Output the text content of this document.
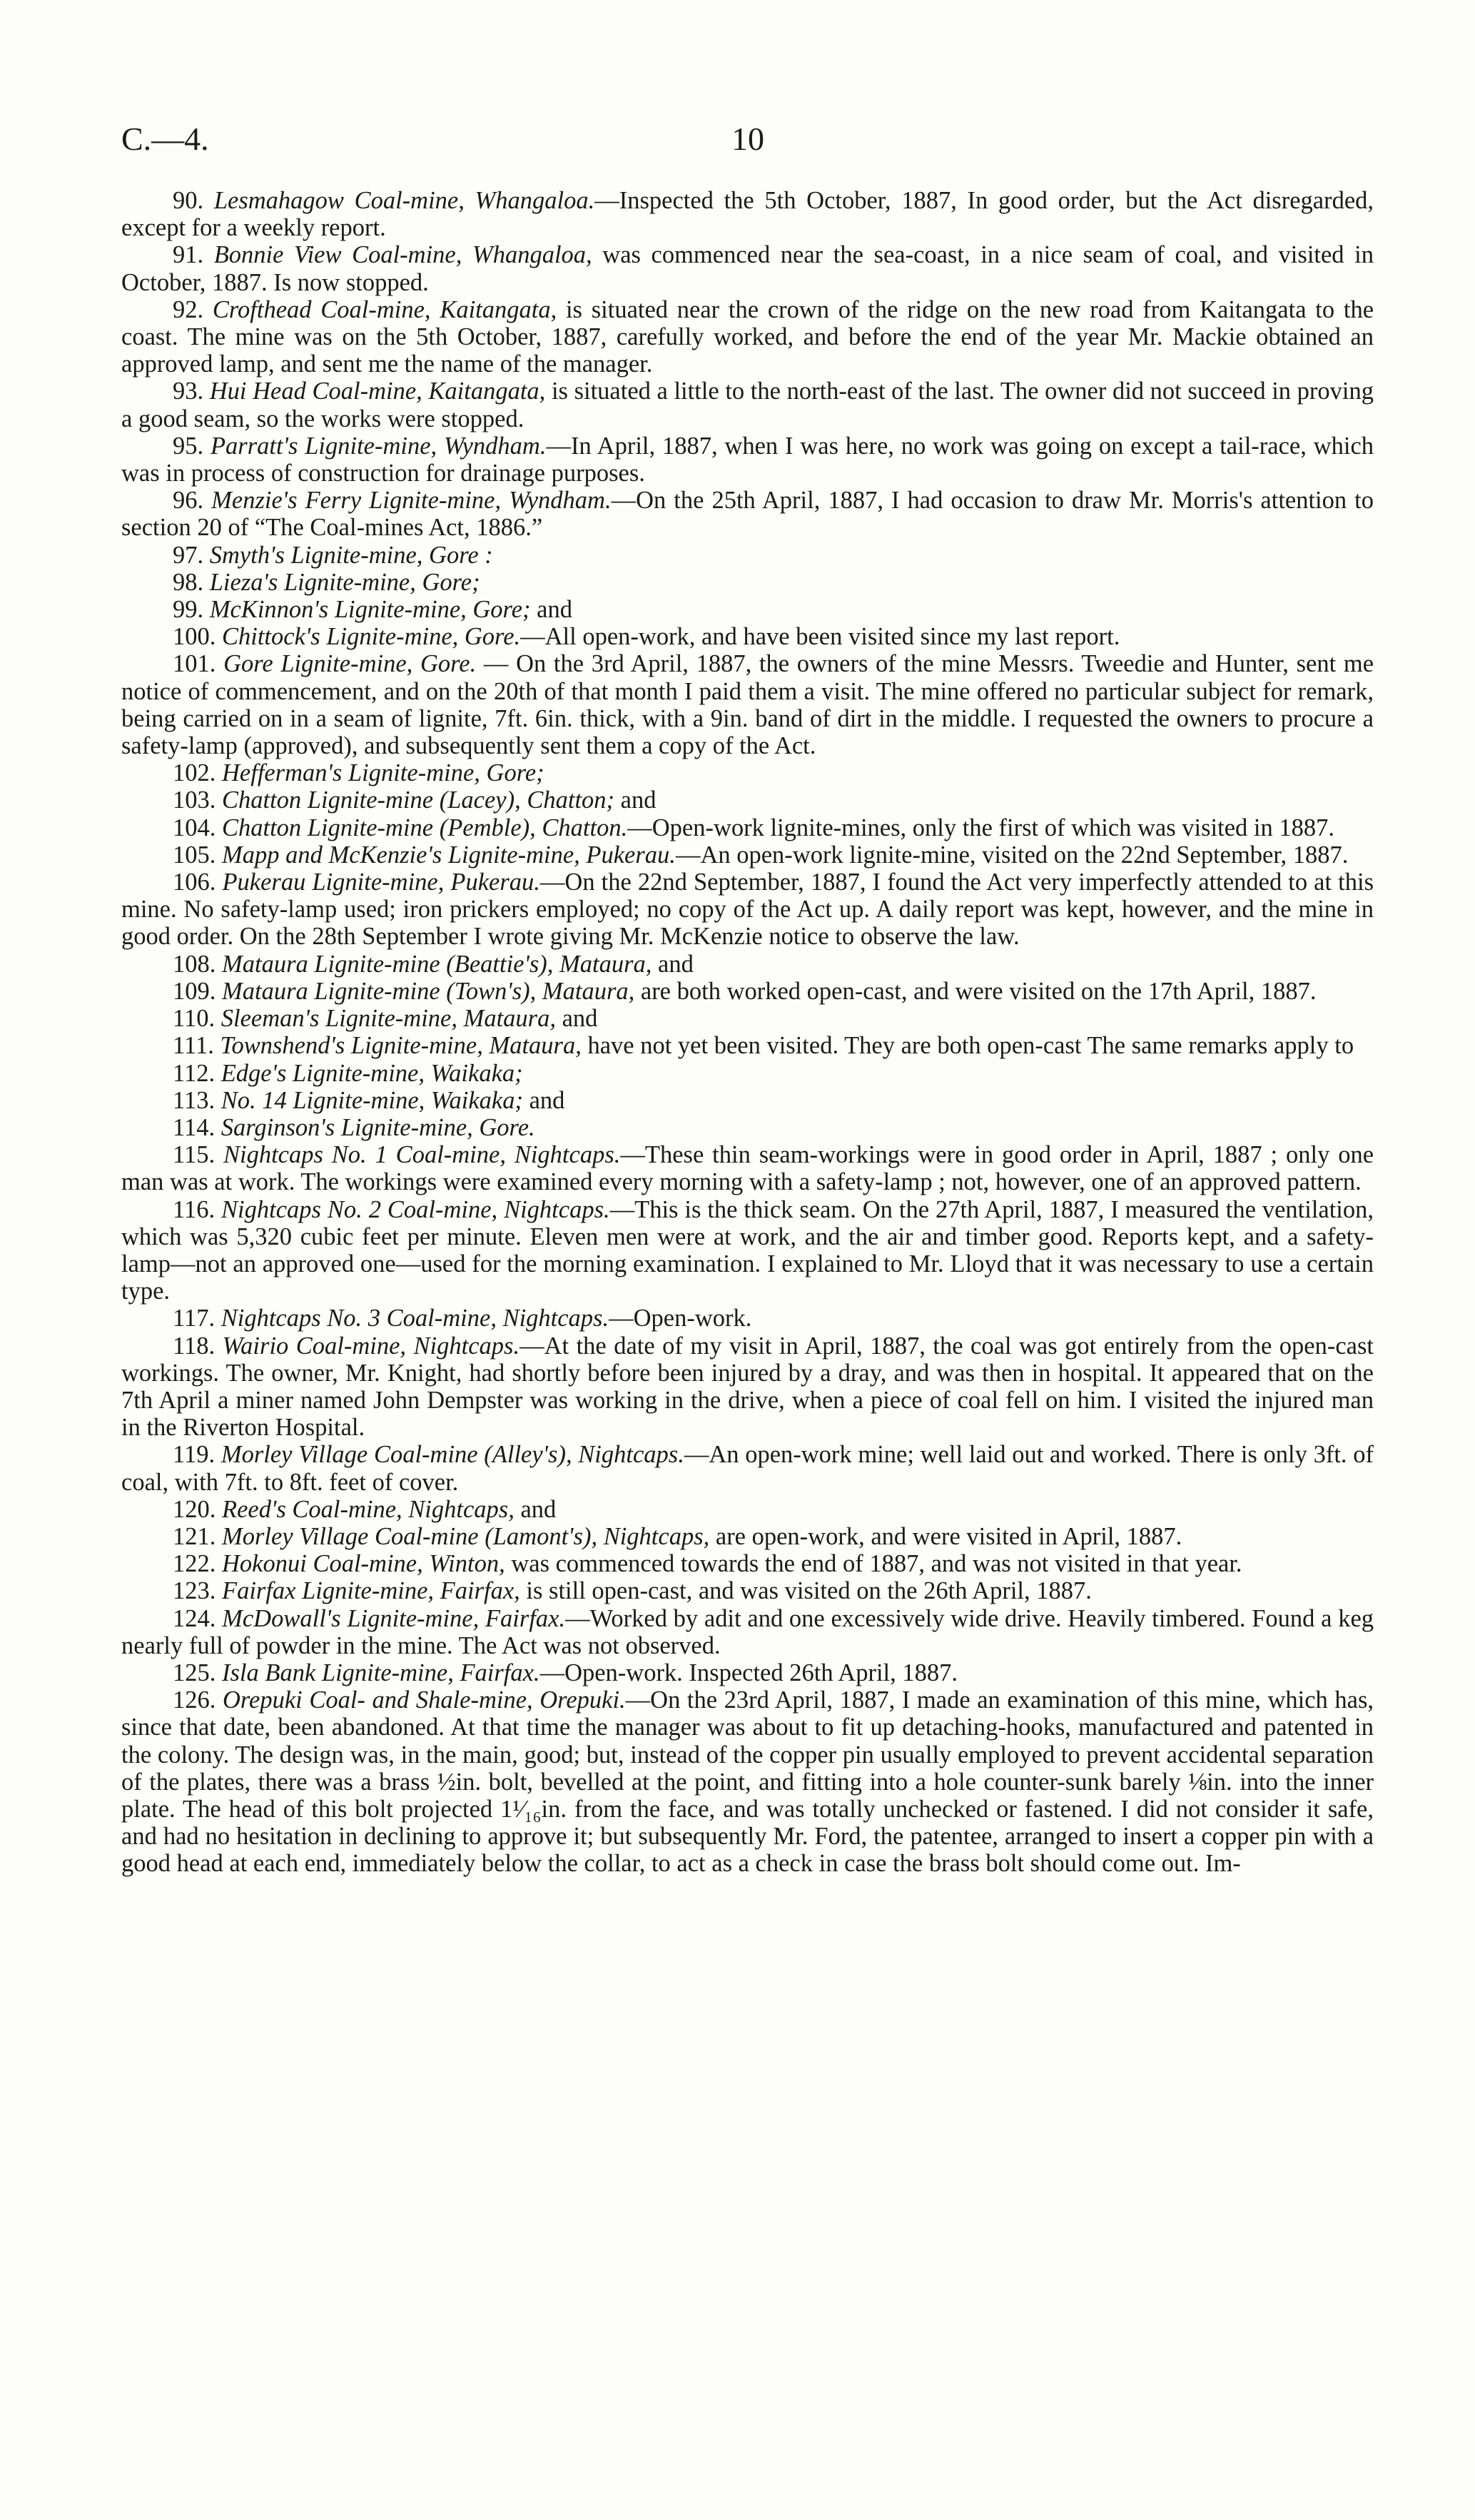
C.—4.	10

90. Lesmahagow Coal-mine, Whangaloa.—Inspected the 5th October, 1887, In good order, but the Act disregarded, except for a weekly report.

91. Bonnie View Coal-mine, Whangaloa, was commenced near the sea-coast, in a nice seam of coal, and visited in October, 1887. Is now stopped.

92. Crofthead Coal-mine, Kaitangata, is situated near the crown of the ridge on the new road from Kaitangata to the coast. The mine was on the 5th October, 1887, carefully worked, and before the end of the year Mr. Mackie obtained an approved lamp, and sent me the name of the manager.

93. Hui Head Coal-mine, Kaitangata, is situated a little to the north-east of the last. The owner did not succeed in proving a good seam, so the works were stopped.

95. Parratt's Lignite-mine, Wyndham.—In April, 1887, when I was here, no work was going on except a tail-race, which was in process of construction for drainage purposes.

96. Menzie's Ferry Lignite-mine, Wyndham.—On the 25th April, 1887, I had occasion to draw Mr. Morris's attention to section 20 of “The Coal-mines Act, 1886.”

97. Smyth's Lignite-mine, Gore :

98. Lieza's Lignite-mine, Gore;

99. McKinnon's Lignite-mine, Gore; and

100. Chittock's Lignite-mine, Gore.—All open-work, and have been visited since my last report.

101. Gore Lignite-mine, Gore. — On the 3rd April, 1887, the owners of the mine Messrs. Tweedie and Hunter, sent me notice of commencement, and on the 20th of that month I paid them a visit. The mine offered no particular subject for remark, being carried on in a seam of lignite, 7ft. 6in. thick, with a 9in. band of dirt in the middle. I requested the owners to procure a safety-lamp (approved), and subsequently sent them a copy of the Act.

102. Hefferman's Lignite-mine, Gore;

103. Chatton Lignite-mine (Lacey), Chatton; and

104. Chatton Lignite-mine (Pemble), Chatton.—Open-work lignite-mines, only the first of which was visited in 1887.

105. Mapp and McKenzie's Lignite-mine, Pukerau.—An open-work lignite-mine, visited on the 22nd September, 1887.

106. Pukerau Lignite-mine, Pukerau.—On the 22nd September, 1887, I found the Act very imperfectly attended to at this mine. No safety-lamp used; iron prickers employed; no copy of the Act up. A daily report was kept, however, and the mine in good order. On the 28th September I wrote giving Mr. McKenzie notice to observe the law.

108. Mataura Lignite-mine (Beattie's), Mataura, and

109. Mataura Lignite-mine (Town's), Mataura, are both worked open-cast, and were visited on the 17th April, 1887.

110. Sleeman's Lignite-mine, Mataura, and

111. Townshend's Lignite-mine, Mataura, have not yet been visited. They are both open-cast The same remarks apply to

112. Edge's Lignite-mine, Waikaka;

113. No. 14 Lignite-mine, Waikaka; and

114. Sarginson's Lignite-mine, Gore.

115. Nightcaps No. 1 Coal-mine, Nightcaps.—These thin seam-workings were in good order in April, 1887 ; only one man was at work. The workings were examined every morning with a safety-lamp ; not, however, one of an approved pattern.

116. Nightcaps No. 2 Coal-mine, Nightcaps.—This is the thick seam. On the 27th April, 1887, I measured the ventilation, which was 5,320 cubic feet per minute. Eleven men were at work, and the air and timber good. Reports kept, and a safety-lamp—not an approved one—used for the morning examination. I explained to Mr. Lloyd that it was necessary to use a certain type.

117. Nightcaps No. 3 Coal-mine, Nightcaps.—Open-work.

118. Wairio Coal-mine, Nightcaps.—At the date of my visit in April, 1887, the coal was got entirely from the open-cast workings. The owner, Mr. Knight, had shortly before been injured by a dray, and was then in hospital. It appeared that on the 7th April a miner named John Dempster was working in the drive, when a piece of coal fell on him. I visited the injured man in the Riverton Hospital.

119. Morley Village Coal-mine (Alley's), Nightcaps.—An open-work mine; well laid out and worked. There is only 3ft. of coal, with 7ft. to 8ft. feet of cover.

120. Reed's Coal-mine, Nightcaps, and

121. Morley Village Coal-mine (Lamont's), Nightcaps, are open-work, and were visited in April, 1887.

122. Hokonui Coal-mine, Winton, was commenced towards the end of 1887, and was not visited in that year.

123. Fairfax Lignite-mine, Fairfax, is still open-cast, and was visited on the 26th April, 1887.

124. McDowall's Lignite-mine, Fairfax.—Worked by adit and one excessively wide drive. Heavily timbered. Found a keg nearly full of powder in the mine. The Act was not observed.

125. Isla Bank Lignite-mine, Fairfax.—Open-work. Inspected 26th April, 1887.

126. Orepuki Coal- and Shale-mine, Orepuki.—On the 23rd April, 1887, I made an examination of this mine, which has, since that date, been abandoned. At that time the manager was about to fit up detaching-hooks, manufactured and patented in the colony. The design was, in the main, good; but, instead of the copper pin usually employed to prevent accidental separation of the plates, there was a brass ½in. bolt, bevelled at the point, and fitting into a hole counter-sunk barely ⅛in. into the inner plate. The head of this bolt projected 1¹⁄₁₆in. from the face, and was totally unchecked or fastened. I did not consider it safe, and had no hesitation in declining to approve it; but subsequently Mr. Ford, the patentee, arranged to insert a copper pin with a good head at each end, immediately below the collar, to act as a check in case the brass bolt should come out. Im-
